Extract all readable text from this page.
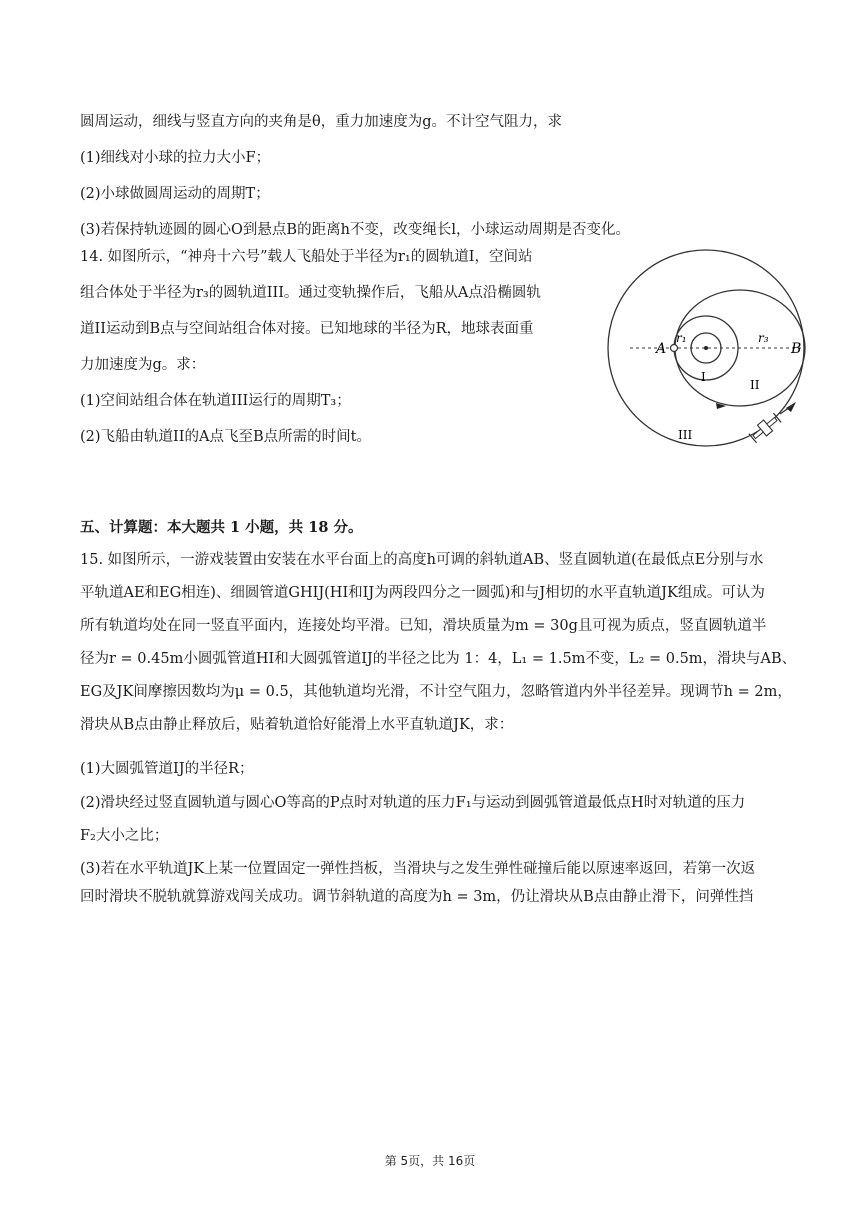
圆周运动，细线与竖直方向的夹角是θ，重力加速度为g。不计空气阻力，求
(1)细线对小球的拉力大小F；
(2)小球做圆周运动的周期T；
(3)若保持轨迹圆的圆心O到悬点B的距离h不变，改变绳长l，小球运动周期是否变化。
14. 如图所示，“神舟十六号”载人飞船处于半径为r₁的圆轨道I，空间站
组合体处于半径为r₃的圆轨道III。通过变轨操作后，飞船从A点沿椭圆轨
道II运动到B点与空间站组合体对接。已知地球的半径为R，地球表面重
力加速度为g。求：
(1)空间站组合体在轨道III运行的周期T₃；
(2)飞船由轨道II的A点飞至B点所需的时间t。
A	B
r₁	r₃
I
II
III
五、计算题：本大题共 1 小题，共 18 分。
15. 如图所示，一游戏装置由安装在水平台面上的高度h可调的斜轨道AB、竖直圆轨道(在最低点E分别与水
平轨道AE和EG相连)、细圆管道GHIJ(HI和IJ为两段四分之一圆弧)和与J相切的水平直轨道JK组成。可认为
所有轨道均处在同一竖直平面内，连接处均平滑。已知，滑块质量为m = 30g且可视为质点，竖直圆轨道半
径为r = 0.45m小圆弧管道HI和大圆弧管道IJ的半径之比为 1：4，L₁ = 1.5m不变，L₂ = 0.5m，滑块与AB、
EG及JK间摩擦因数均为μ = 0.5，其他轨道均光滑，不计空气阻力，忽略管道内外半径差异。现调节h = 2m，
滑块从B点由静止释放后，贴着轨道恰好能滑上水平直轨道JK，求：
(1)大圆弧管道IJ的半径R；
(2)滑块经过竖直圆轨道与圆心O等高的P点时对轨道的压力F₁与运动到圆弧管道最低点H时对轨道的压力
F₂大小之比；
(3)若在水平轨道JK上某一位置固定一弹性挡板，当滑块与之发生弹性碰撞后能以原速率返回，若第一次返
回时滑块不脱轨就算游戏闯关成功。调节斜轨道的高度为h = 3m，仍让滑块从B点由静止滑下，问弹性挡
第 5页，共 16页
